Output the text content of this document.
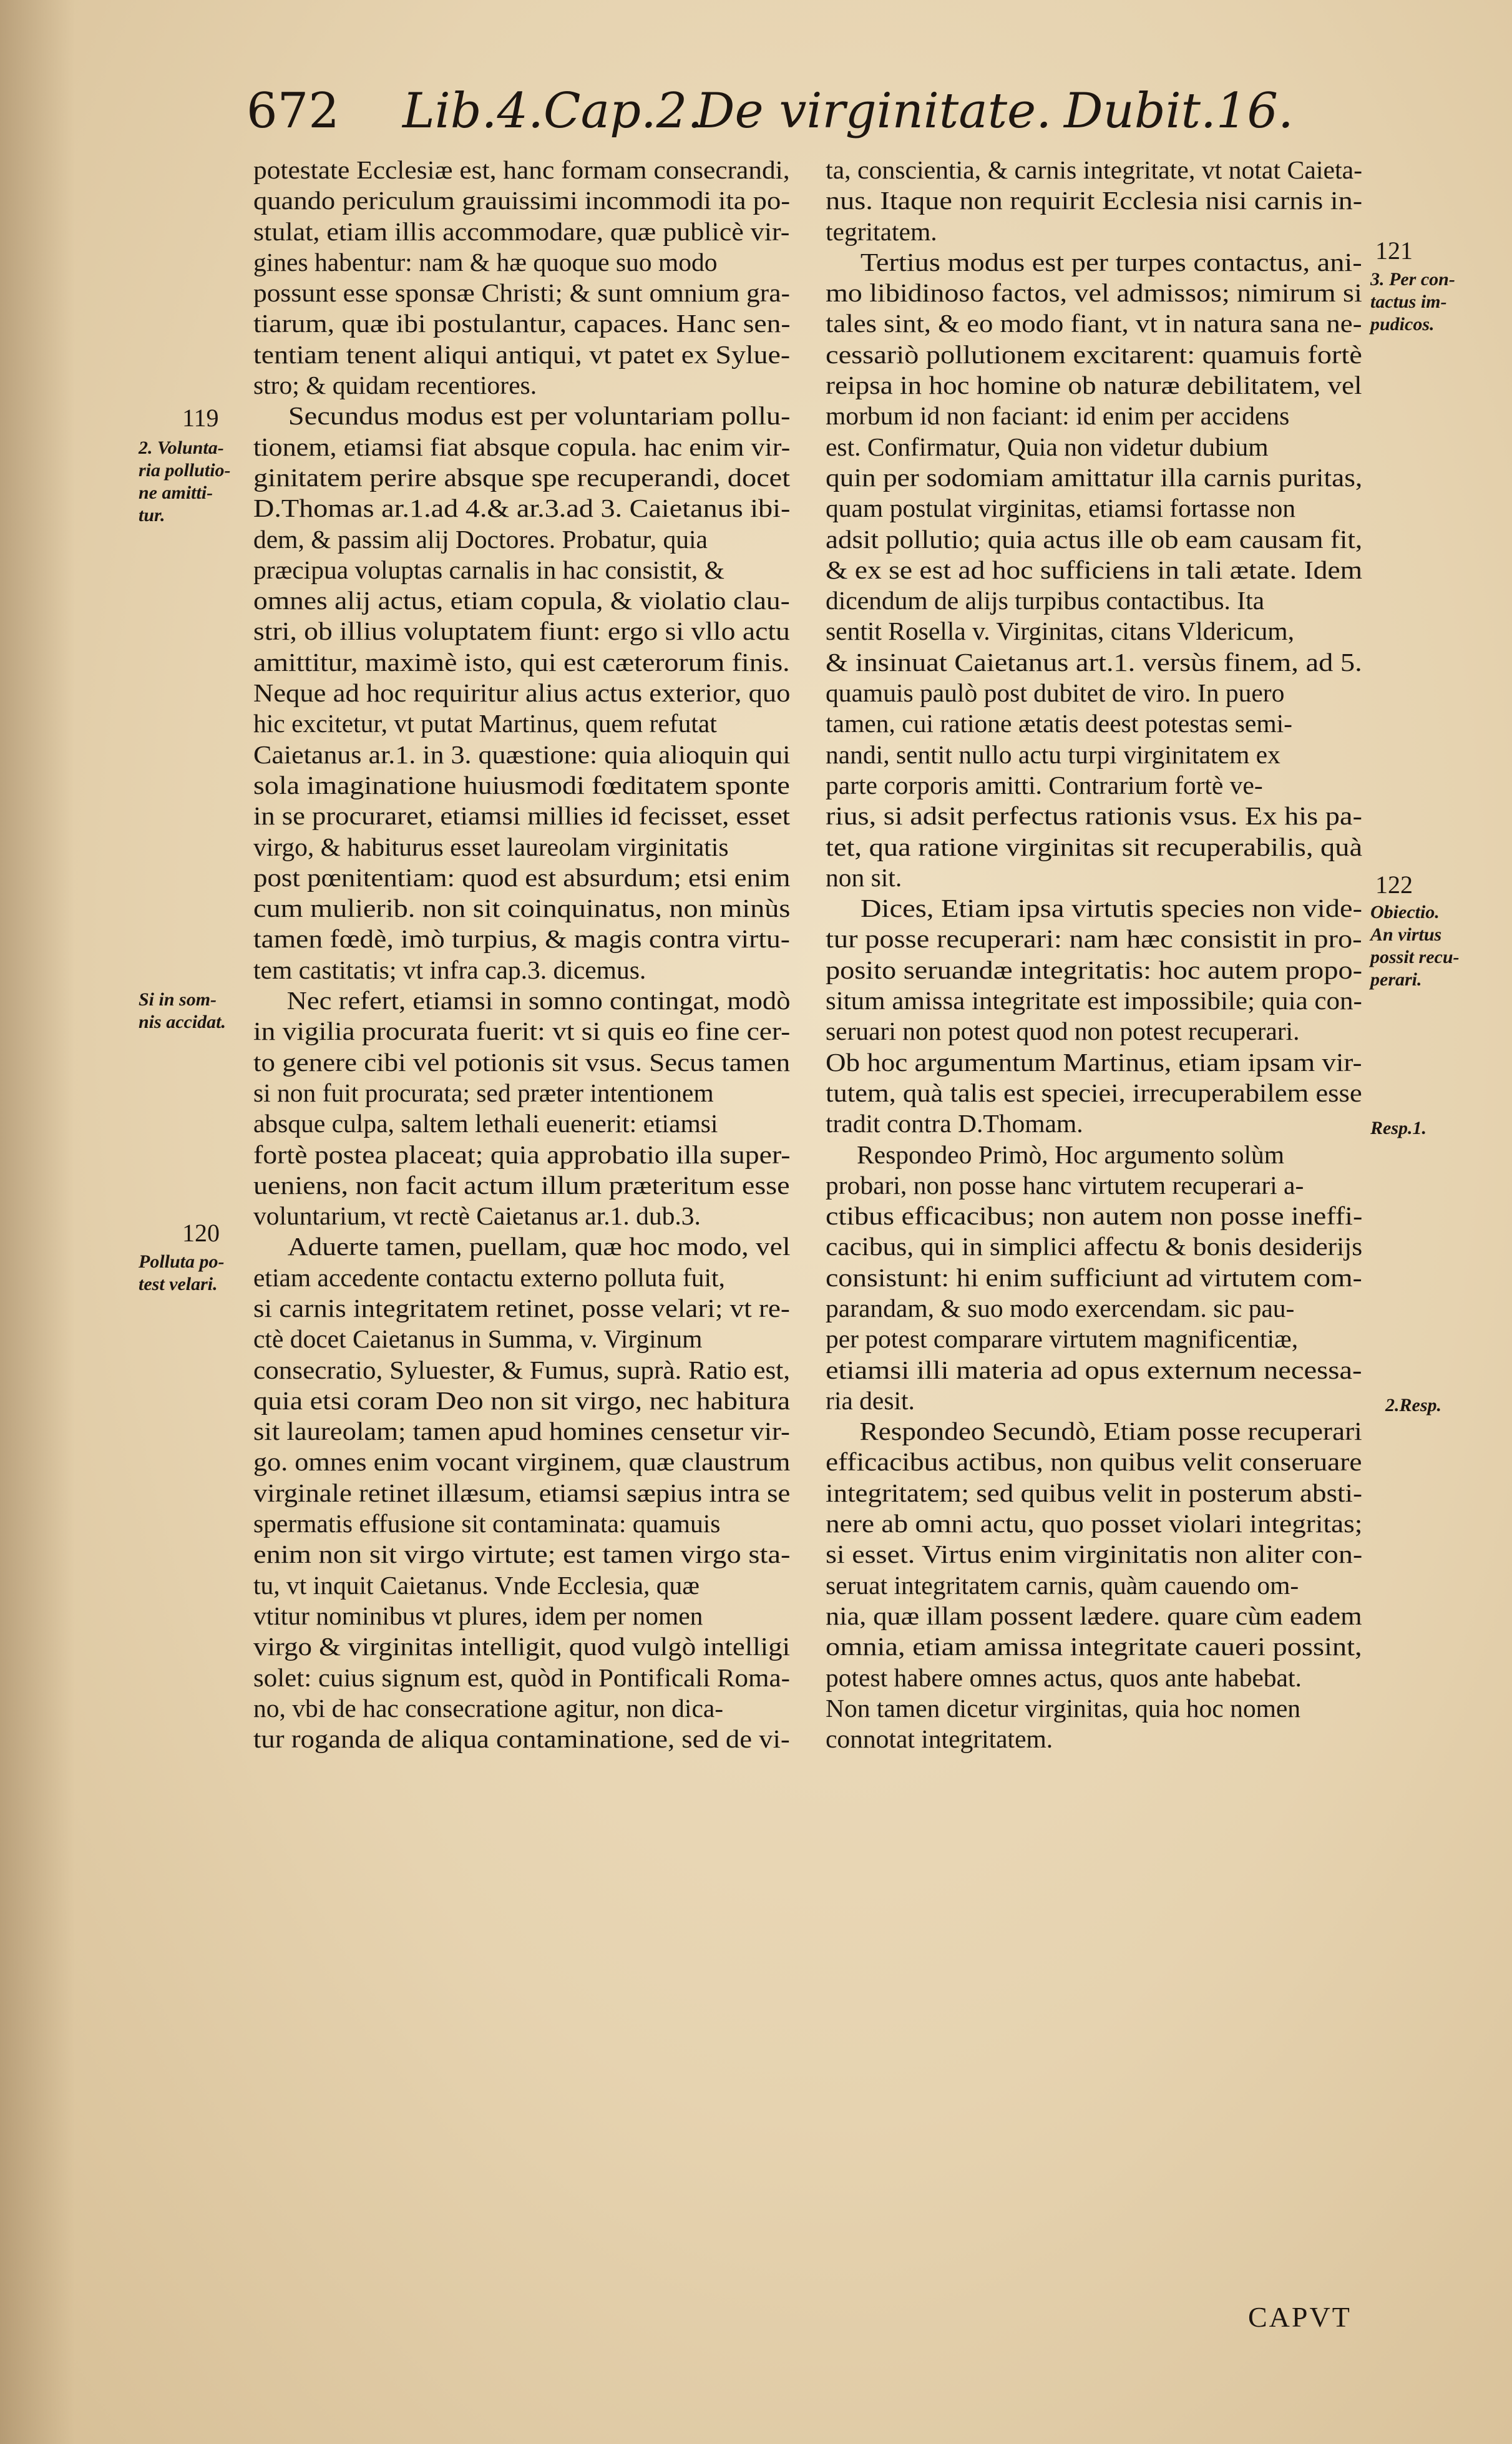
672 Lib.4.Cap.2.
De virginitate. Dubit.16.

potestate Ecclesiæ est, hanc formam consecrandi,

quando periculum grauissimi incommodi ita po-

stulat, etiam illis accommodare, quæ publicè vir-

gines habentur: nam & hæ quoque suo modo

possunt esse sponsæ Christi; & sunt omnium gra-

tiarum, quæ ibi postulantur, capaces. Hanc sen-

tentiam tenent aliqui antiqui, vt patet ex Sylue-

stro; & quidam recentiores.

Secundus modus est per voluntariam pollu-

tionem, etiamsi fiat absque copula. hac enim vir-

ginitatem perire absque spe recuperandi, docet

D.Thomas ar.1.ad 4.& ar.3.ad 3. Caietanus ibi-

dem, & passim alij Doctores. Probatur, quia

præcipua voluptas carnalis in hac consistit, &

omnes alij actus, etiam copula, & violatio clau-

stri, ob illius voluptatem fiunt: ergo si vllo actu

amittitur, maximè isto, qui est cæterorum finis.

Neque ad hoc requiritur alius actus exterior, quo

hic excitetur, vt putat Martinus, quem refutat

Caietanus ar.1. in 3. quæstione: quia alioquin qui

sola imaginatione huiusmodi fœditatem sponte

in se procuraret, etiamsi millies id fecisset, esset

virgo, & habiturus esset laureolam virginitatis

post pœnitentiam: quod est absurdum; etsi enim

cum mulierib. non sit coinquinatus, non minùs

tamen fœdè, imò turpius, & magis contra virtu-

tem castitatis; vt infra cap.3. dicemus.

Nec refert, etiamsi in somno contingat, modò

in vigilia procurata fuerit: vt si quis eo fine cer-

to genere cibi vel potionis sit vsus. Secus tamen

si non fuit procurata; sed præter intentionem

absque culpa, saltem lethali euenerit: etiamsi

fortè postea placeat; quia approbatio illa super-

ueniens, non facit actum illum præteritum esse

voluntarium, vt rectè Caietanus ar.1. dub.3.

Aduerte tamen, puellam, quæ hoc modo, vel

etiam accedente contactu externo polluta fuit,

si carnis integritatem retinet, posse velari; vt re-

ctè docet Caietanus in Summa, v. Virginum

consecratio, Syluester, & Fumus, suprà. Ratio est,

quia etsi coram Deo non sit virgo, nec habitura

sit laureolam; tamen apud homines censetur vir-

go. omnes enim vocant virginem, quæ claustrum

virginale retinet illæsum, etiamsi sæpius intra se

spermatis effusione sit contaminata: quamuis

enim non sit virgo virtute; est tamen virgo sta-

tu, vt inquit Caietanus. Vnde Ecclesia, quæ

vtitur nominibus vt plures, idem per nomen

virgo & virginitas intelligit, quod vulgò intelligi

solet: cuius signum est, quòd in Pontificali Roma-

no, vbi de hac consecratione agitur, non dica-

tur roganda de aliqua contaminatione, sed de vi-

ta, conscientia, & carnis integritate, vt notat Caieta-

nus. Itaque non requirit Ecclesia nisi carnis in-

tegritatem.

Tertius modus est per turpes contactus, ani-

mo libidinoso factos, vel admissos; nimirum si

tales sint, & eo modo fiant, vt in natura sana ne-

cessariò pollutionem excitarent: quamuis fortè

reipsa in hoc homine ob naturæ debilitatem, vel

morbum id non faciant: id enim per accidens

est. Confirmatur, Quia non videtur dubium

quin per sodomiam amittatur illa carnis puritas,

quam postulat virginitas, etiamsi fortasse non

adsit pollutio; quia actus ille ob eam causam fit,

& ex se est ad hoc sufficiens in tali ætate. Idem

dicendum de alijs turpibus contactibus. Ita

sentit Rosella v. Virginitas, citans Vldericum,

& insinuat Caietanus art.1. versùs finem, ad 5.

quamuis paulò post dubitet de viro. In puero

tamen, cui ratione ætatis deest potestas semi-

nandi, sentit nullo actu turpi virginitatem ex

parte corporis amitti. Contrarium fortè ve-

rius, si adsit perfectus rationis vsus. Ex his pa-

tet, qua ratione virginitas sit recuperabilis, quà

non sit.

Dices, Etiam ipsa virtutis species non vide-

tur posse recuperari: nam hæc consistit in pro-

posito seruandæ integritatis: hoc autem propo-

situm amissa integritate est impossibile; quia con-

seruari non potest quod non potest recuperari.

Ob hoc argumentum Martinus, etiam ipsam vir-

tutem, quà talis est speciei, irrecuperabilem esse

tradit contra D.Thomam.

Respondeo Primò, Hoc argumento solùm

probari, non posse hanc virtutem recuperari a-

ctibus efficacibus; non autem non posse ineffi-

cacibus, qui in simplici affectu & bonis desiderijs

consistunt: hi enim sufficiunt ad virtutem com-

parandam, & suo modo exercendam. sic pau-

per potest comparare virtutem magnificentiæ,

etiamsi illi materia ad opus externum necessa-

ria desit.

Respondeo Secundò, Etiam posse recuperari

efficacibus actibus, non quibus velit conseruare

integritatem; sed quibus velit in posterum absti-

nere ab omni actu, quo posset violari integritas;

si esset. Virtus enim virginitatis non aliter con-

seruat integritatem carnis, quàm cauendo om-

nia, quæ illam possent lædere. quare cùm eadem

omnia, etiam amissa integritate caueri possint,

potest habere omnes actus, quos ante habebat.

Non tamen dicetur virginitas, quia hoc nomen

connotat integritatem.

119
2. Volunta-
ria pollutio-
ne amitti-
tur.
Si in som-
nis accidat.
120
Polluta po-
test velari.
121
3. Per con-
tactus im-
pudicos.
122
Obiectio.
An virtus
possit recu-
perari.
Resp.1.
2.Resp.
CAPVT
